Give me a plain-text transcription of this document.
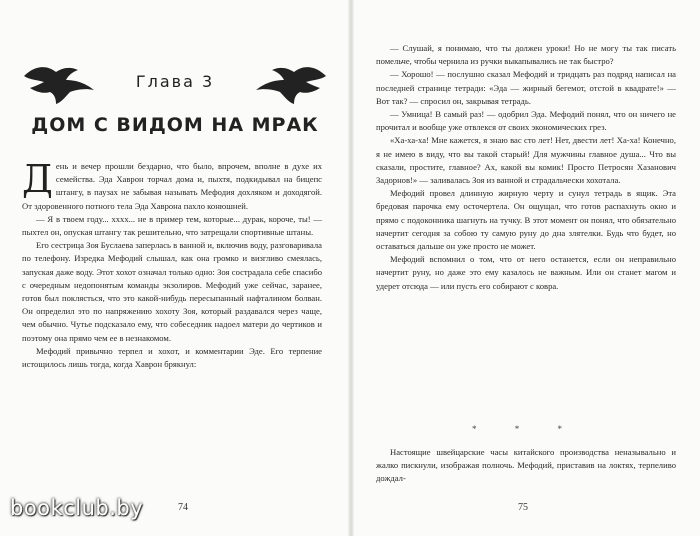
Глава 3
ДОМ С ВИДОМ НА МРАК

День и вечер прошли бездарно, что было, впрочем, вполне в духе их семейства. Эда Хаврон торчал дома и, пыхтя, подкидывал на бицепс штангу, в паузах не забывая называть Мефодия дохляком и доходягой. От здоровенного потного тела Эда Хаврона пахло конюшней.

— Я в твоем году... хххх... не в пример тем, которые... дурак, короче, ты! — пыхтел он, опуская штангу так решительно, что затрещали спортивные штаны.

Его сестрица Зоя Буслаева заперлась в ванной и, включив воду, разговаривала по телефону. Изредка Мефодий слышал, как она громко и визгливо смеялась, запуская даже воду. Этот хохот означал только одно: Зоя сострадала себе спасибо с очередным недопонятым команды экзолиров. Мефодий уже сейчас, заранее, готов был поклясться, что это какой-нибудь пересыпанный нафталином болван. Он определил это по напряжению хохоту Зоя, который раздавался через чаще, чем обычно. Чутье подсказало ему, что собеседник надоел матери до чертиков и поэтому она прямо чем ее в незнакомом.

Мефодий привычно терпел и хохот, и комментарии Эде. Его терпение истощилось лишь тогда, когда Хаврон брякнул:

74

— Слушай, я понимаю, что ты должен уроки! Но не могу ты так писать помельче, чтобы чернила из ручки выкапывались не так быстро?

— Хорошо! — послушно сказал Мефодий и тридцать раз подряд написал на последней странице тетради: «Эда — жирный бегемот, отстой в квадрате!» — Вот так? — спросил он, закрывая тетрадь.

— Умница! В самый раз! — одобрил Эда. Мефодий понял, что он ничего не прочитал и вообще уже отвлекся от своих экономических грез.

«Ха-ха-ха! Мне кажется, я знаю вас сто лет! Нет, двести лет! Ха-ха! Конечно, я не имею в виду, что вы такой старый! Для мужчины главное душа... Что вы сказали, простите, главное? Ах, какой вы комик! Просто Петросян Хазанович Задорнов!» — заливалась Зоя из ванной и страдальчески хохотала.

Мефодий провел длинную жирную черту и сунул тетрадь в ящик. Эта бредовая парочка ему осточертела. Он ощущал, что готов распахнуть окно и прямо с подоконника шагнуть на тучку. В этот момент он понял, что обязательно начертит сегодня за собою ту самую руну до дна злятелки. Будь что будет, но оставаться дальше он уже просто не может.

Мефодий вспомнил о том, что от него останется, если он неправильно начертит руну, но даже это ему казалось не важным. Или он станет магом и удерет отсюда — или пусть его собирают с ковра.

* * *

Настоящие швейцарские часы китайского производства неназывально и жалко пискнули, изображая полночь. Мефодий, приставив на локтях, терпеливо дождал-

75
bookclub.by
